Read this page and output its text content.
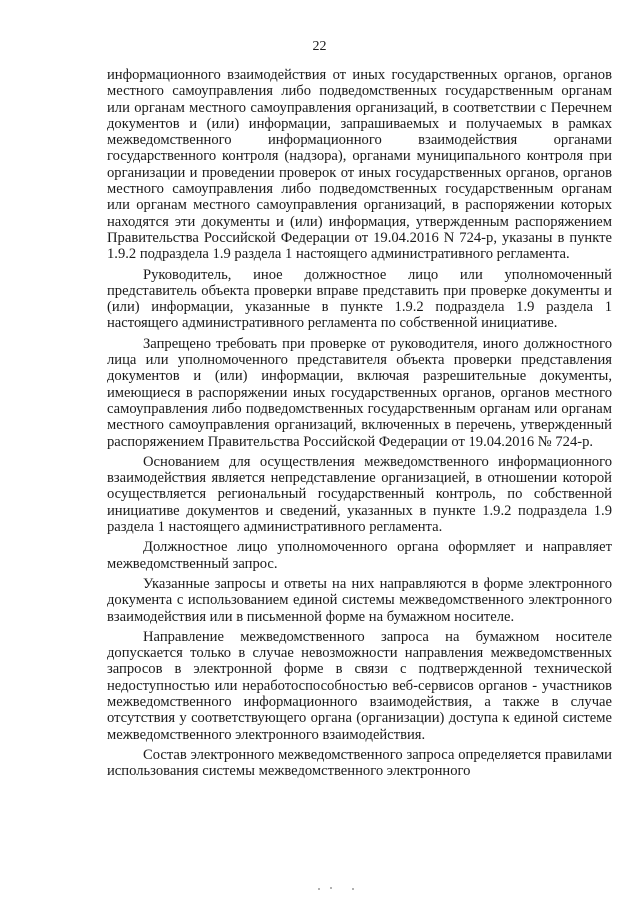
22

информационного взаимодействия от иных государственных органов, органов местного самоуправления либо подведомственных государственным органам или органам местного самоуправления организаций, в соответствии с Перечнем документов и (или) информации, запрашиваемых и получаемых в рамках межведомственного информационного взаимодействия органами государственного контроля (надзора), органами муниципального контроля при организации и проведении проверок от иных государственных органов, органов местного самоуправления либо подведомственных государственным органам или органам местного самоуправления организаций, в распоряжении которых находятся эти документы и (или) информация, утвержденным распоряжением Правительства Российской Федерации от 19.04.2016 N 724-р, указаны в пункте 1.9.2 подраздела 1.9 раздела 1 настоящего административного регламента.

Руководитель, иное должностное лицо или уполномоченный представитель объекта проверки вправе представить при проверке документы и (или) информации, указанные в пункте 1.9.2 подраздела 1.9 раздела 1 настоящего административного регламента по собственной инициативе.

Запрещено требовать при проверке от руководителя, иного должностного лица или уполномоченного представителя объекта проверки представления документов и (или) информации, включая разрешительные документы, имеющиеся в распоряжении иных государственных органов, органов местного самоуправления либо подведомственных государственным органам или органам местного самоуправления организаций, включенных в перечень, утвержденный распоряжением Правительства Российской Федерации от 19.04.2016 № 724-р.

Основанием для осуществления межведомственного информационного взаимодействия является непредставление организацией, в отношении которой осуществляется региональный государственный контроль, по собственной инициативе документов и сведений, указанных в пункте 1.9.2 подраздела 1.9 раздела 1 настоящего административного регламента.

Должностное лицо уполномоченного органа оформляет и направляет межведомственный запрос.

Указанные запросы и ответы на них направляются в форме электронного документа с использованием единой системы межведомственного электронного взаимодействия или в письменной форме на бумажном носителе.

Направление межведомственного запроса на бумажном носителе допускается только в случае невозможности направления межведомственных запросов в электронной форме в связи с подтвержденной технической недоступностью или неработоспособностью веб-сервисов органов - участников межведомственного информационного взаимодействия, а также в случае отсутствия у соответствующего органа (организации) доступа к единой системе межведомственного электронного взаимодействия.

Состав электронного межведомственного запроса определяется правилами использования системы межведомственного электронного
